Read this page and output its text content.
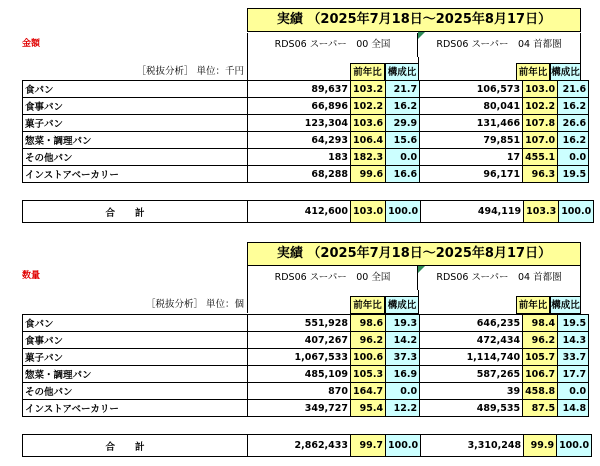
金額
実績 （2025年7月18日～2025年8月17日）
RDS06 スーパー　00 全国	RDS06 スーパー　04 首都圏
［税抜分析］ 単位：千円	前年比 構成比	前年比 構成比
食パン	89,637	103.2	21.7	106,573	103.0	21.6
食事パン	66,896	102.2	16.2	80,041	102.2	16.2
菓子パン	123,304	103.6	29.9	131,466	107.8	26.6
惣菜・調理パン	64,293	106.4	15.6	79,851	107.0	16.2
その他パン	183	182.3	0.0	17	455.1	0.0
インストアベーカリー	68,288	99.6	16.6	96,171	96.3	19.5
合計	412,600	103.0	100.0	494,119	103.3	100.0
数量
実績 （2025年7月18日～2025年8月17日）
RDS06 スーパー　00 全国	RDS06 スーパー　04 首都圏
［税抜分析］ 単位：個	前年比 構成比	前年比 構成比
食パン	551,928	98.6	19.3	646,235	98.4	19.5
食事パン	407,267	96.2	14.2	472,434	96.2	14.3
菓子パン	1,067,533	100.6	37.3	1,114,740	105.7	33.7
惣菜・調理パン	485,109	105.3	16.9	587,265	106.7	17.7
その他パン	870	164.7	0.0	39	458.8	0.0
インストアベーカリー	349,727	95.4	12.2	489,535	87.5	14.8
合計	2,862,433	99.7	100.0	3,310,248	99.9	100.0
